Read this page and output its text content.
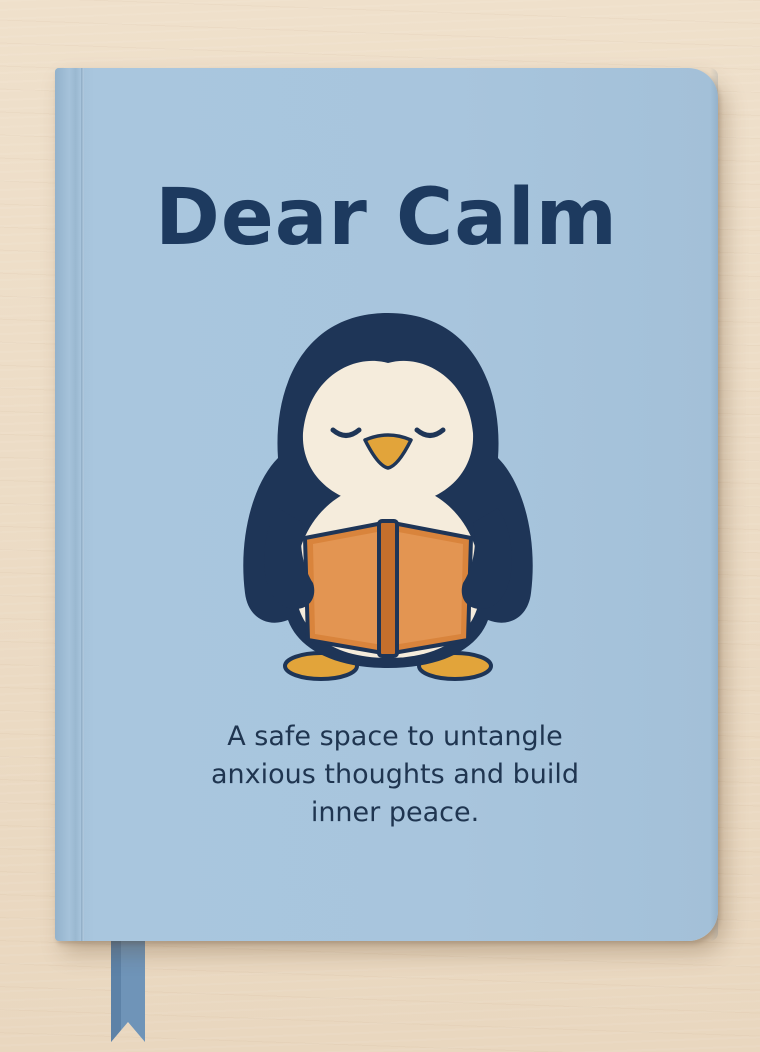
Dear Calm
A safe space to untangle
anxious thoughts and build
inner peace.
